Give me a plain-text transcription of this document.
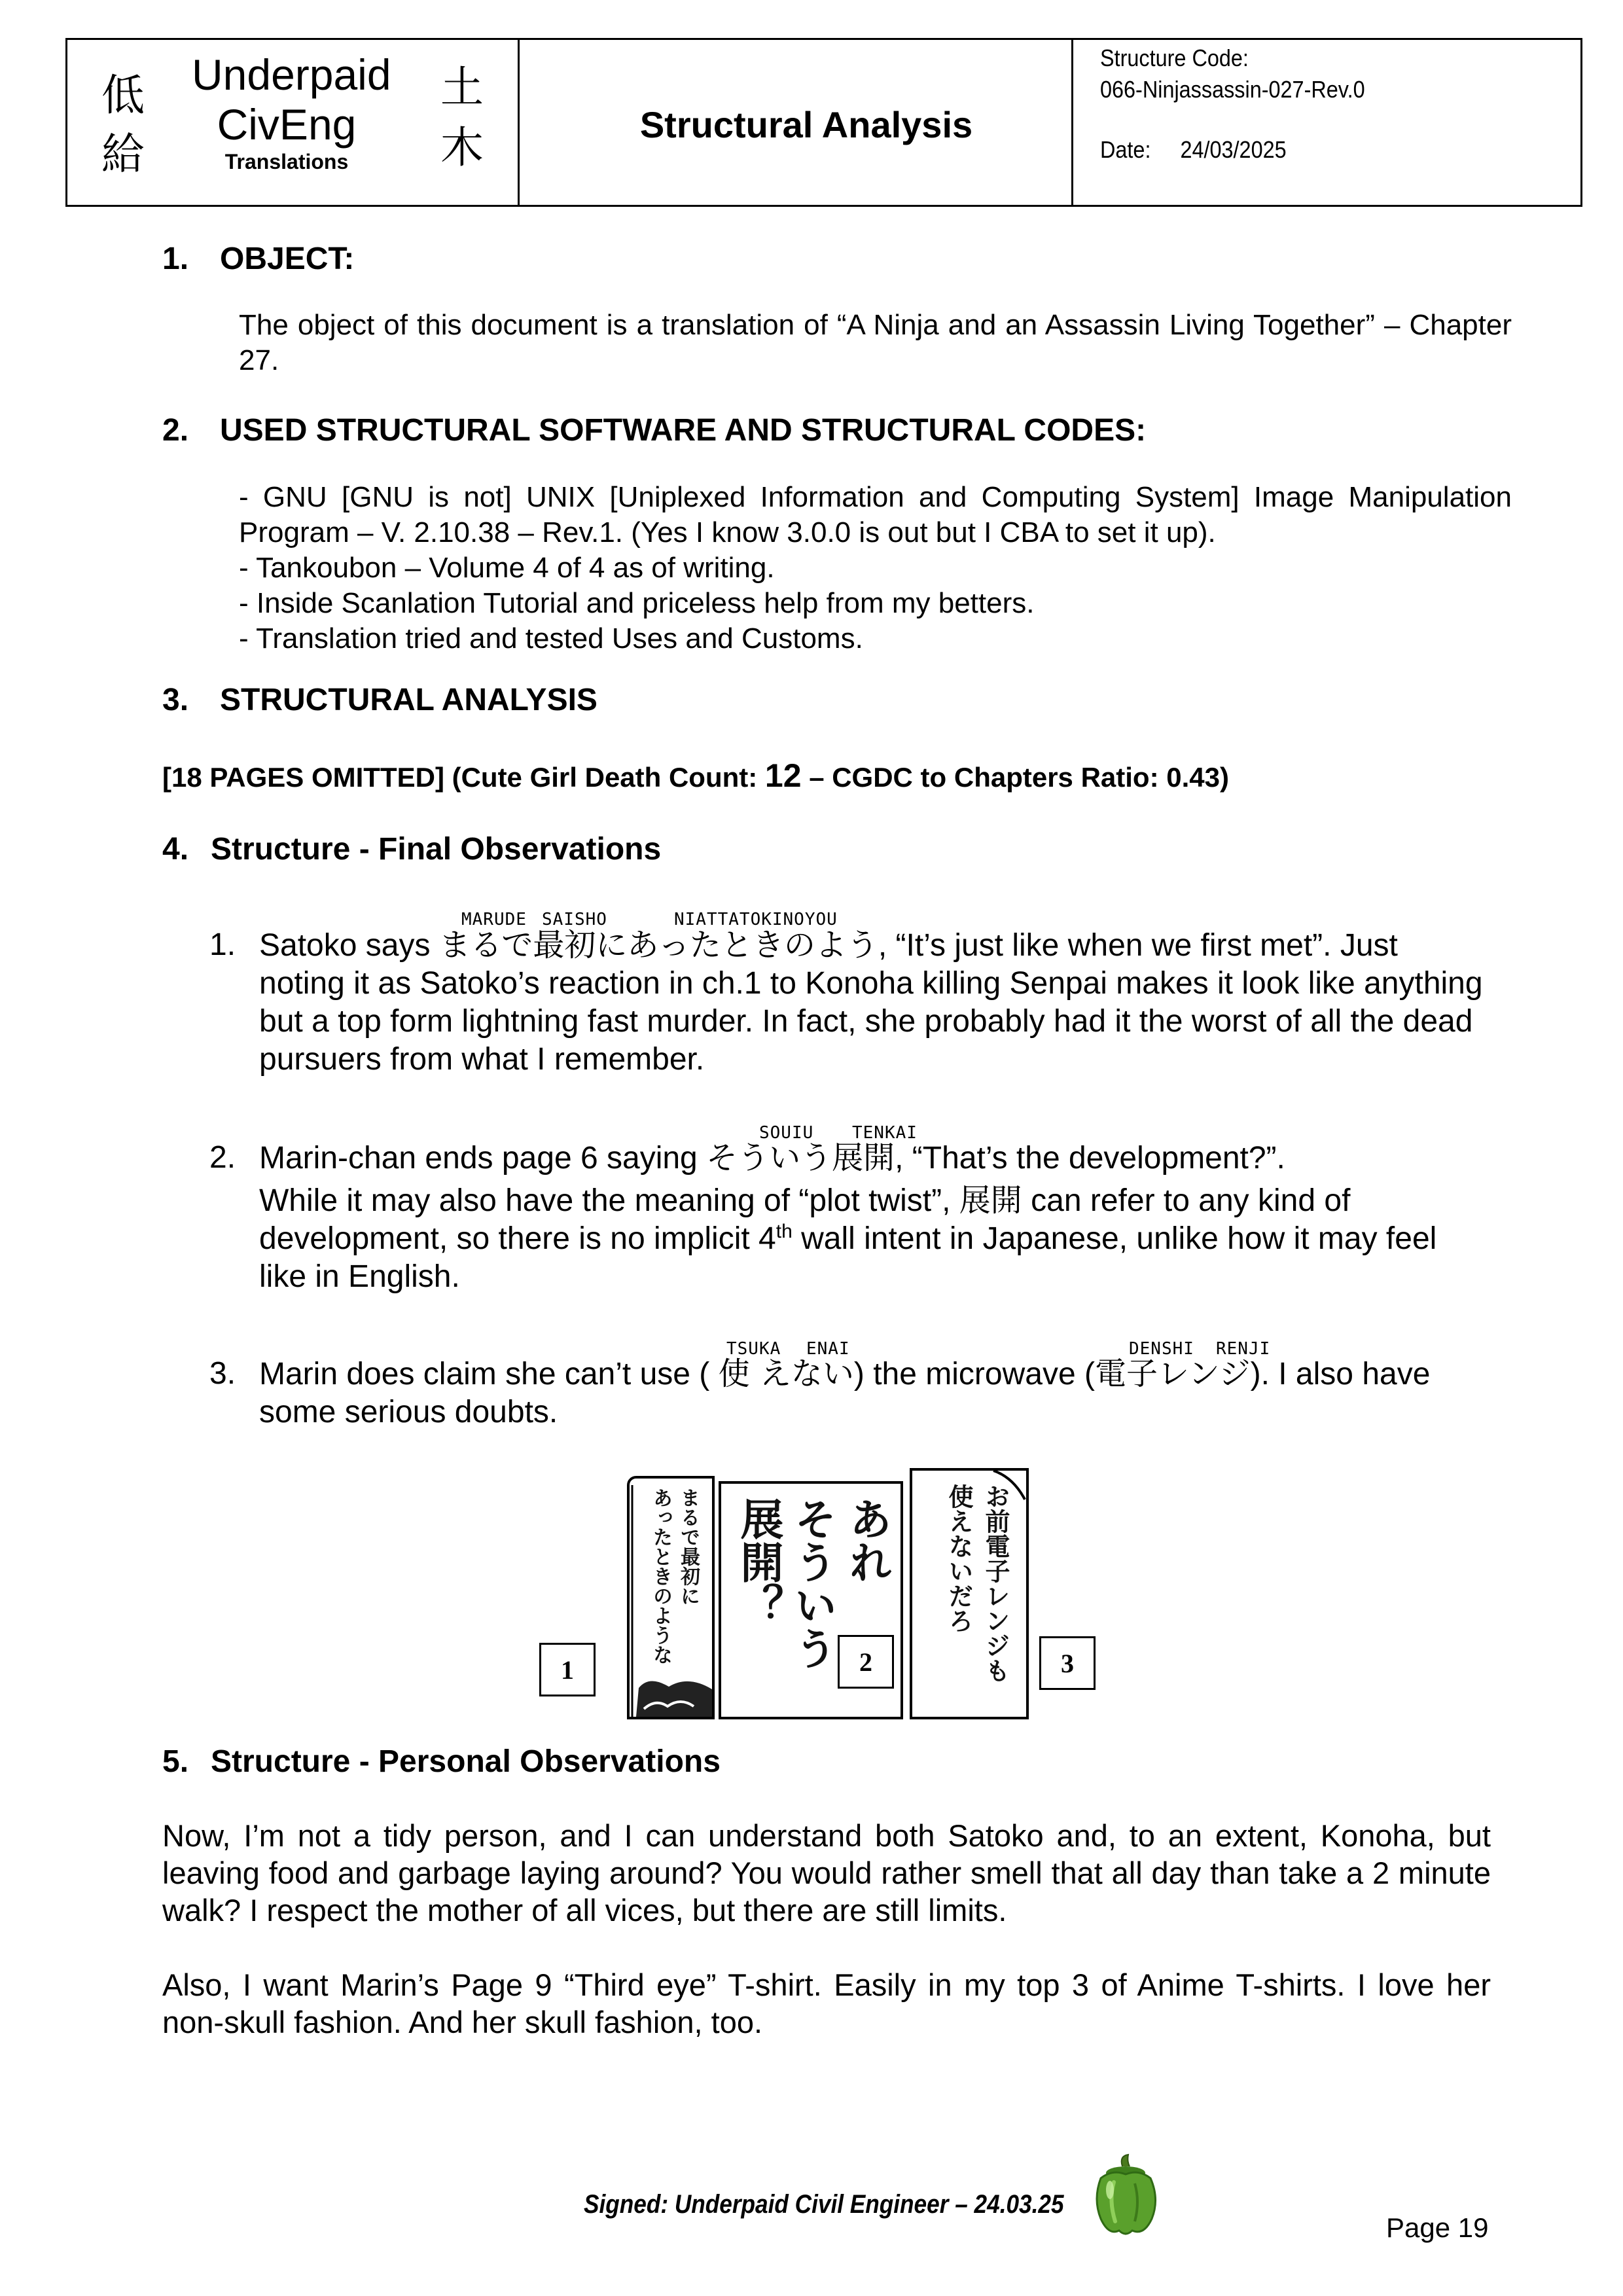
低
給
土
木
Underpaid
CivEng
Translations
Structural Analysis
Structure Code:
066-Ninjassassin-027-Rev.0
Date: 24/03/2025
1. OBJECT:
The object of this document is a translation of “A Ninja and an Assassin Living Together” – Chapter 27.
2. USED STRUCTURAL SOFTWARE AND STRUCTURAL CODES:
- GNU [GNU is not] UNIX [Uniplexed Information and Computing System] Image Manipulation Program – V. 2.10.38 – Rev.1. (Yes I know 3.0.0 is out but I CBA to set it up).
- Tankoubon – Volume 4 of 4 as of writing.
- Inside Scanlation Tutorial and priceless help from my betters.
- Translation tried and tested Uses and Customs.
3. STRUCTURAL ANALYSIS
[18 PAGES OMITTED] (Cute Girl Death Count: 12 – CGDC to Chapters Ratio: 0.43)
4. Structure - Final Observations
MARUDE SAISHO	NIATTATOKINOYOU
1. Satoko says まるで最初にあったときのよう, “It’s just like when we first met”. Just
noting it as Satoko’s reaction in ch.1 to Konoha killing Senpai makes it look like anything but a top form lightning fast murder. In fact, she probably had it the worst of all the dead pursuers from what I remember.
SOUIU TENKAI
2. Marin-chan ends page 6 saying そういう展開, “That’s the development?”.
While it may also have the meaning of “plot twist”, 展開 can refer to any kind of
development, so there is no implicit 4th wall intent in Japanese, unlike how it may feel
like in English.
TSUKA ENAI	DENSHI RENJI
3. Marin does claim she can’t use ( 使 えない) the microwave (電子レンジ). I also have
some serious doubts.
まるで最初に
あったときのような	あれ
そういう
展開？	お前電子レンジも
使えないだろ
1	2	3
5. Structure - Personal Observations
Now, I’m not a tidy person, and I can understand both Satoko and, to an extent, Konoha, but leaving food and garbage laying around? You would rather smell that all day than take a 2 minute walk? I respect the mother of all vices, but there are still limits.
Also, I want Marin’s Page 9 “Third eye” T-shirt. Easily in my top 3 of Anime T-shirts. I love her non-skull fashion. And her skull fashion, too.
Signed: Underpaid Civil Engineer – 24.03.25
Page 19
